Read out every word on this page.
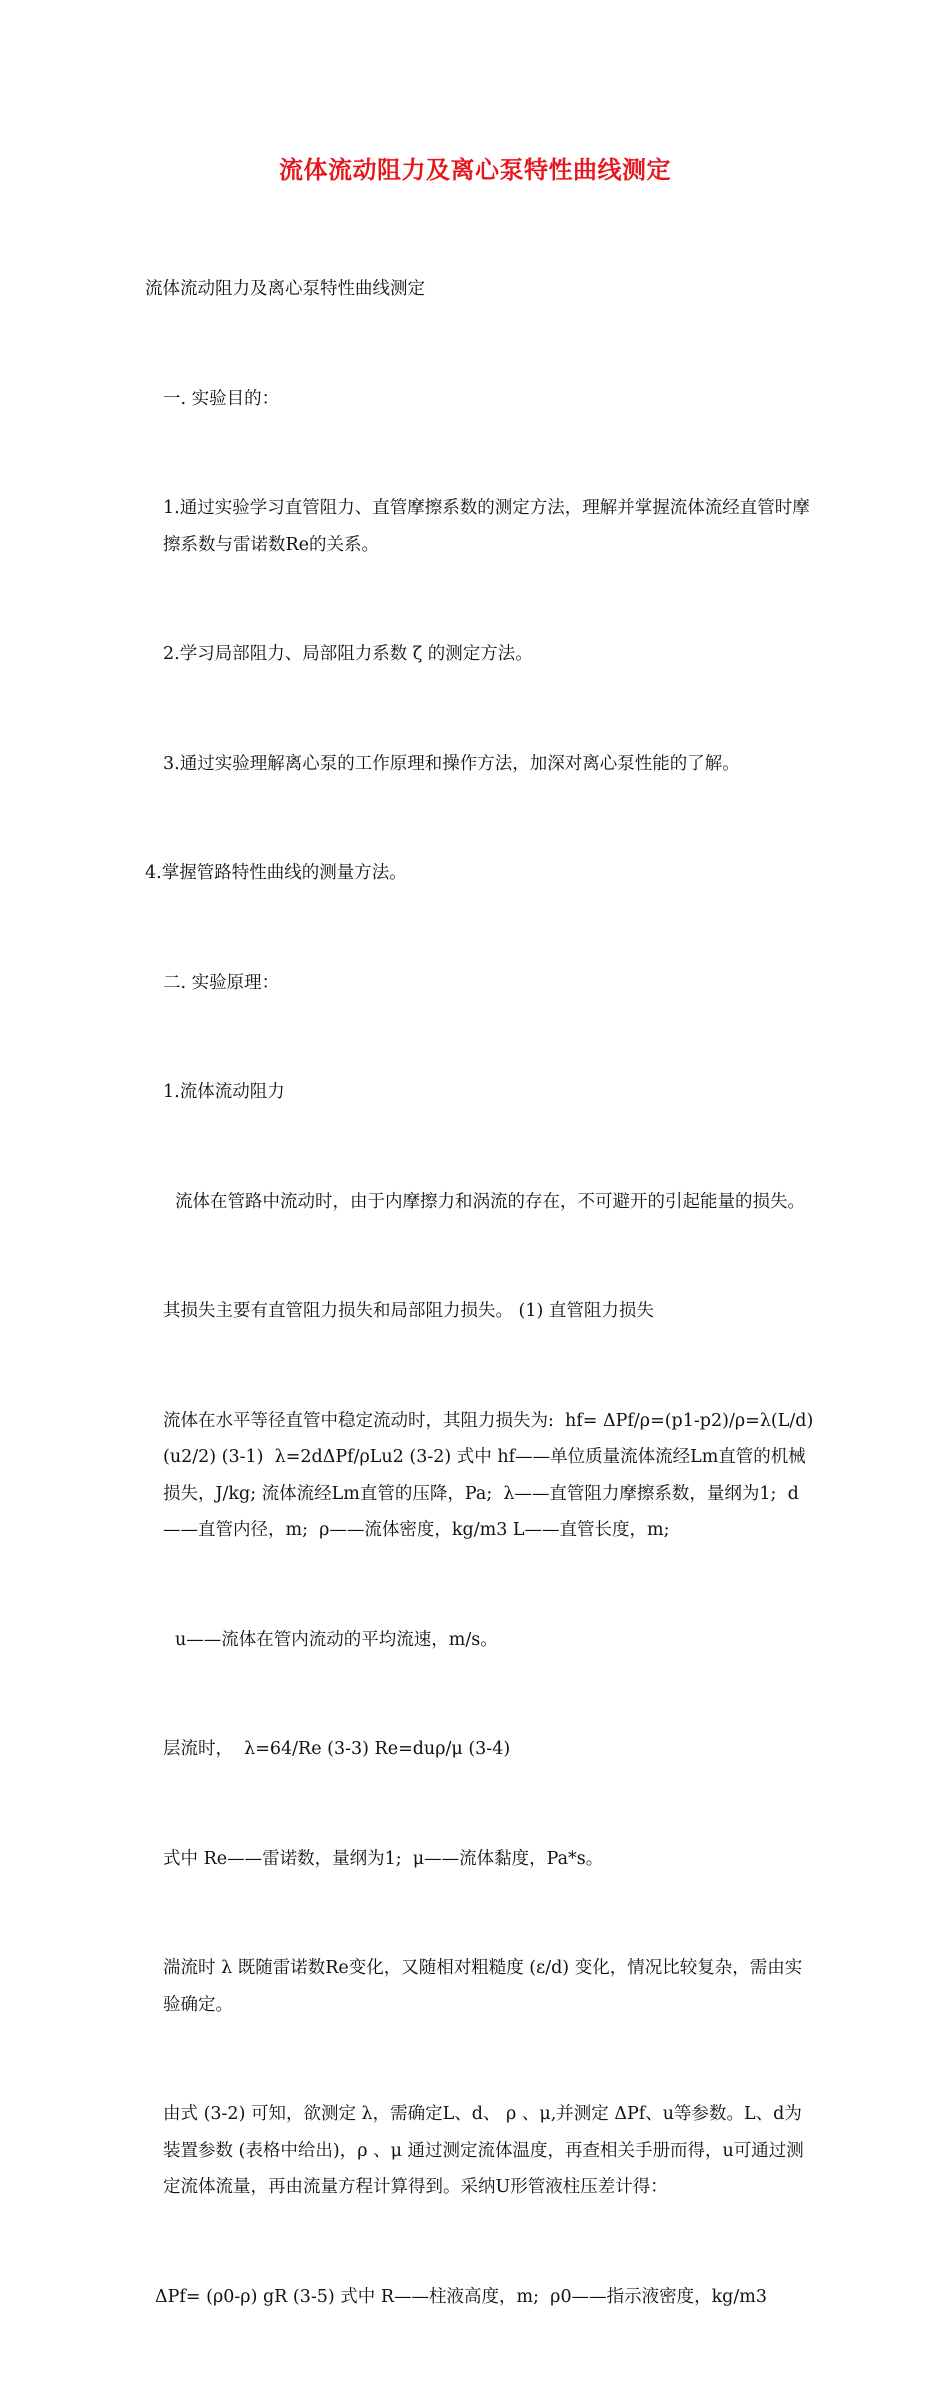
流体流动阻力及离心泵特性曲线测定

流体流动阻力及离心泵特性曲线测定

一. 实验目的：

1.通过实验学习直管阻力、直管摩擦系数的测定方法，理解并掌握流体流经直管时摩擦系数与雷诺数Re的关系。

2.学习局部阻力、局部阻力系数 ζ 的测定方法。

3.通过实验理解离心泵的工作原理和操作方法，加深对离心泵性能的了解。

4.掌握管路特性曲线的测量方法。

二. 实验原理：

1.流体流动阻力

流体在管路中流动时，由于内摩擦力和涡流的存在，不可避开的引起能量的损失。

其损失主要有直管阻力损失和局部阻力损失。 (1) 直管阻力损失

流体在水平等径直管中稳定流动时，其阻力损失为:  hf= ΔPf/ρ=(p1-p2)/ρ=λ(L/d)(u2/2) (3-1)  λ=2dΔPf/ρLu2 (3-2) 式中 hf——单位质量流体流经Lm直管的机械损失，J/kg; 流体流经Lm直管的压降，Pa;  λ——直管阻力摩擦系数，量纲为1;  d——直管内径，m;  ρ——流体密度，kg/m3 L——直管长度，m;

u——流体在管内流动的平均流速，m/s。

层流时，  λ=64/Re (3-3) Re=duρ/μ (3-4)

式中 Re——雷诺数，量纲为1;  μ——流体黏度，Pa*s。

湍流时 λ 既随雷诺数Re变化，又随相对粗糙度 (ε/d) 变化，情况比较复杂，需由实验确定。

由式 (3-2) 可知，欲测定 λ，需确定L、d、 ρ 、μ,并测定 ΔPf、u等参数。L、d为装置参数 (表格中给出)，ρ 、μ 通过测定流体温度，再查相关手册而得，u可通过测定流体流量，再由流量方程计算得到。采纳U形管液柱压差计得：

ΔPf= (ρ0-ρ) gR (3-5) 式中 R——柱液高度，m;  ρ0——指示液密度，kg/m3
